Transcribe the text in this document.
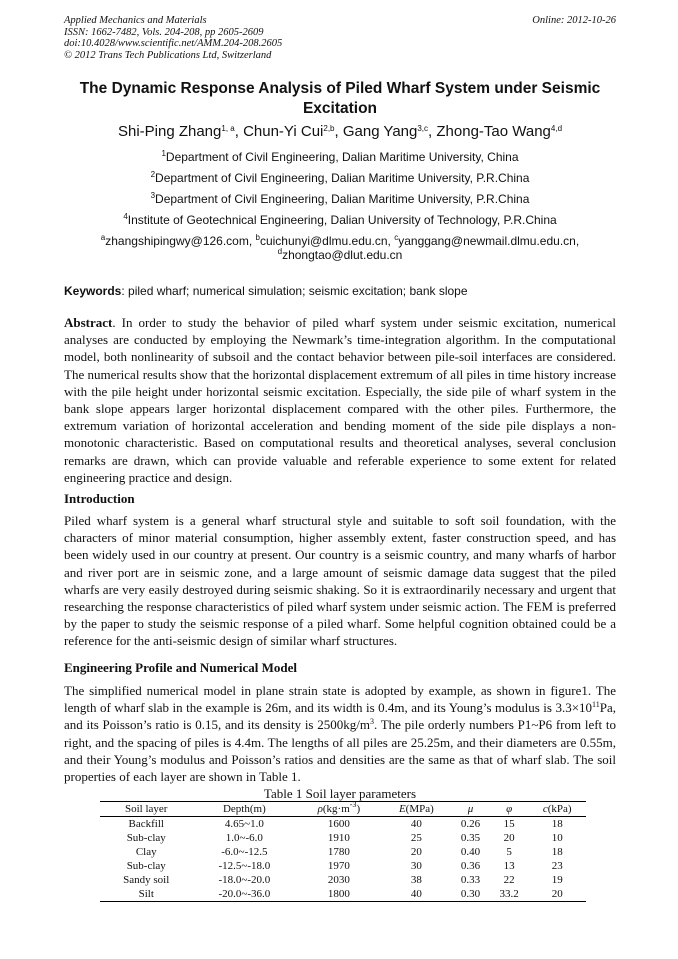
Applied Mechanics and Materials
ISSN: 1662-7482, Vols. 204-208, pp 2605-2609
doi:10.4028/www.scientific.net/AMM.204-208.2605
© 2012 Trans Tech Publications Ltd, Switzerland
Online: 2012-10-26
The Dynamic Response Analysis of Piled Wharf System under Seismic Excitation
Shi-Ping Zhang$^{1, a}$, Chun-Yi Cui$^{2,b}$, Gang Yang$^{3,c}$, Zhong-Tao Wang$^{4,d}$
$^1$Department of Civil Engineering, Dalian Maritime University, China
$^2$Department of Civil Engineering, Dalian Maritime University, P.R.China
$^3$Department of Civil Engineering, Dalian Maritime University, P.R.China
$^4$Institute of Geotechnical Engineering, Dalian University of Technology, P.R.China
$^a$zhangshipingwy@126.com, $^b$cuichunyi@dlmu.edu.cn, $^c$yanggang@newmail.dlmu.edu.cn,
$^d$zhongtao@dlut.edu.cn
Keywords: piled wharf; numerical simulation; seismic excitation; bank slope
Abstract. In order to study the behavior of piled wharf system under seismic excitation, numerical analyses are conducted by employing the Newmark’s time-integration algorithm. In the computational model, both nonlinearity of subsoil and the contact behavior between pile-soil interfaces are considered. The numerical results show that the horizontal displacement extremum of all piles in time history increase with the pile height under horizontal seismic excitation. Especially, the side pile of wharf system in the bank slope appears larger horizontal displacement compared with the other piles. Furthermore, the extremum variation of horizontal acceleration and bending moment of the side pile displays a non-monotonic characteristic. Based on computational results and theoretical analyses, several conclusion remarks are drawn, which can provide valuable and referable experience to some extent for related engineering practice and design.
Introduction
Piled wharf system is a general wharf structural style and suitable to soft soil foundation, with the characters of minor material consumption, higher assembly extent, faster construction speed, and has been widely used in our country at present. Our country is a seismic country, and many wharfs of harbor and river port are in seismic zone, and a large amount of seismic damage data suggest that the piled wharfs are very easily destroyed during seismic shaking. So it is extraordinarily necessary and urgent that researching the response characteristics of piled wharf system under seismic action. The FEM is preferred by the paper to study the seismic response of a piled wharf. Some helpful cognition obtained could be a reference for the anti-seismic design of similar wharf structures.
Engineering Profile and Numerical Model
The simplified numerical model in plane strain state is adopted by example, as shown in figure1. The length of wharf slab in the example is 26m, and its width is 0.4m, and its Young’s modulus is $3.3\times 10^{11}Pa$, and its Poisson’s ratio is 0.15, and its density is $2500kg/m^3$. The pile orderly numbers P1~P6 from left to right, and the spacing of piles is 4.4m. The lengths of all piles are 25.25m, and their diameters are 0.55m, and their Young’s modulus and Poisson’s ratios and densities are the same as that of wharf slab. The soil properties of each layer are shown in Table 1.
Table 1 Soil layer parameters
Soil layer	Depth(m)	$\rho(kg\cdot m^{-3})$	E(MPa)	μ	φ	c(kPa)
Backfill	4.65~1.0	1600	40	0.26	15	18
Sub-clay	1.0~-6.0	1910	25	0.35	20	10
Clay	-6.0~-12.5	1780	20	0.40	5	18
Sub-clay	-12.5~-18.0	1970	30	0.36	13	23
Sandy soil	-18.0~-20.0	2030	38	0.33	22	19
Silt	-20.0~-36.0	1800	40	0.30	33.2	20
